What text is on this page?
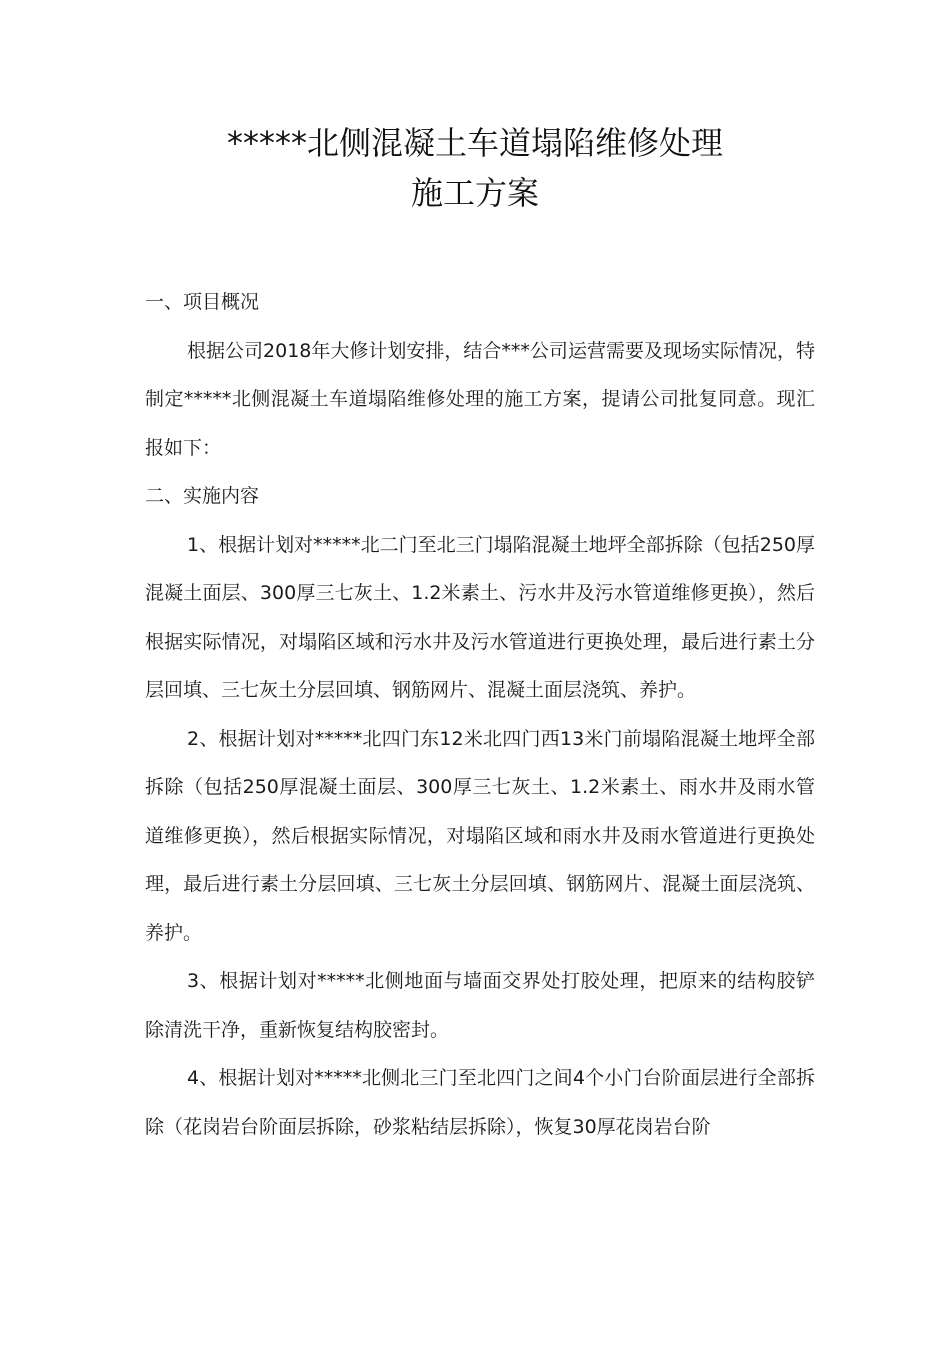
*****北侧混凝土车道塌陷维修处理
施工方案

一、项目概况

根据公司2018年大修计划安排，结合***公司运营需要及现场实际情况，特制定*****北侧混凝土车道塌陷维修处理的施工方案，提请公司批复同意。现汇报如下：

二、实施内容

1、根据计划对*****北二门至北三门塌陷混凝土地坪全部拆除（包括250厚混凝土面层、300厚三七灰土、1.2米素土、污水井及污水管道维修更换），然后根据实际情况，对塌陷区域和污水井及污水管道进行更换处理，最后进行素土分层回填、三七灰土分层回填、钢筋网片、混凝土面层浇筑、养护。

2、根据计划对*****北四门东12米北四门西13米门前塌陷混凝土地坪全部拆除（包括250厚混凝土面层、300厚三七灰土、1.2米素土、雨水井及雨水管道维修更换），然后根据实际情况，对塌陷区域和雨水井及雨水管道进行更换处理，最后进行素土分层回填、三七灰土分层回填、钢筋网片、混凝土面层浇筑、养护。

3、根据计划对*****北侧地面与墙面交界处打胶处理，把原来的结构胶铲除清洗干净，重新恢复结构胶密封。

4、根据计划对*****北侧北三门至北四门之间4个小门台阶面层进行全部拆除（花岗岩台阶面层拆除，砂浆粘结层拆除），恢复30厚花岗岩台阶
